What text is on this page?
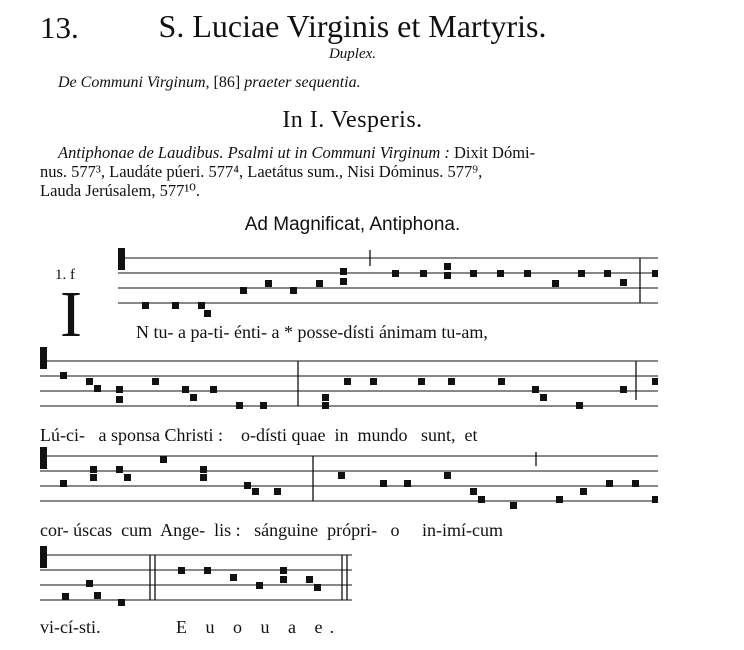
13.	S. Luciae Virginis et Martyris.
Duplex.
De Communi Virginum, [86] praeter sequentia.
In I. Vesperis.
Antiphonae de Laudibus. Psalmi ut in Communi Virginum : Dixit Dómi-
nus. 577³, Laudáte púeri. 577⁴, Laetátus sum., Nisi Dóminus. 577⁹,
Lauda Jerúsalem, 577¹⁰.
Ad Magnificat, Antiphona.
1. f
I	N tu- a pa-ti- énti- a * posse-dísti ánimam tu-am,
Lú-ci-   a sponsa Christi :    o-dísti quae  in  mundo   sunt,  et
cor- úscas  cum  Ange-  lis :   sánguine  própri-   o     in-imí-cum
vi-cí-sti.	E u o u a e.
